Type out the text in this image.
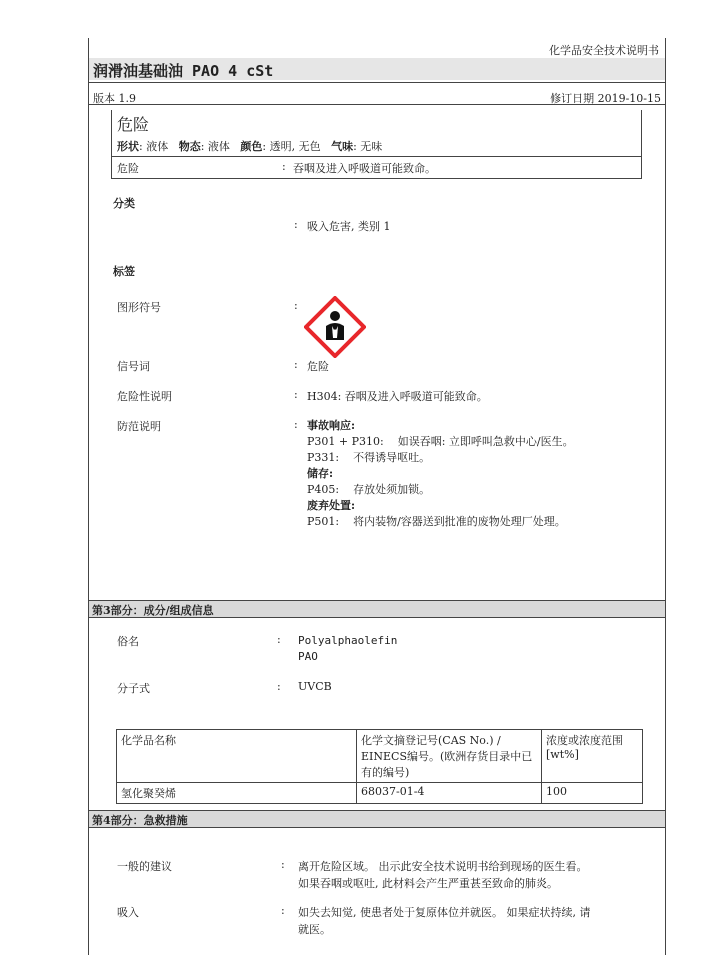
化学品安全技术说明书
润滑油基础油 PAO 4 cSt
版本 1.9	修订日期 2019-10-15
危险
形状: 液体 物态: 液体 颜色: 透明, 无色 气味: 无味
危险	: 吞咽及进入呼吸道可能致命。
分类
: 吸入危害, 类别 1
标签
图形符号	:
信号词	: 危险
危险性说明	: H304: 吞咽及进入呼吸道可能致命。
防范说明	: 事故响应:
P301 + P310:    如误吞咽: 立即呼叫急救中心/医生。
P331:    不得诱导呕吐。
储存:
P405:    存放处须加锁。
废弃处置:
P501:    将内装物/容器送到批准的废物处理厂处理。
第3部分：成分/组成信息
俗名	: Polyalphaolefin
PAO
分子式	: UVCB
化学品名称	化学文摘登记号(CAS No.) / EINECS编号。(欧洲存货目录中已有的编号)	浓度或浓度范围 [wt%]
氢化聚癸烯	68037-01-4	100
第4部分：急救措施
一般的建议	: 离开危险区域。 出示此安全技术说明书给到现场的医生看。
如果吞咽或呕吐, 此材料会产生严重甚至致命的肺炎。
吸入	: 如失去知觉, 使患者处于复原体位并就医。 如果症状持续, 请
就医。
